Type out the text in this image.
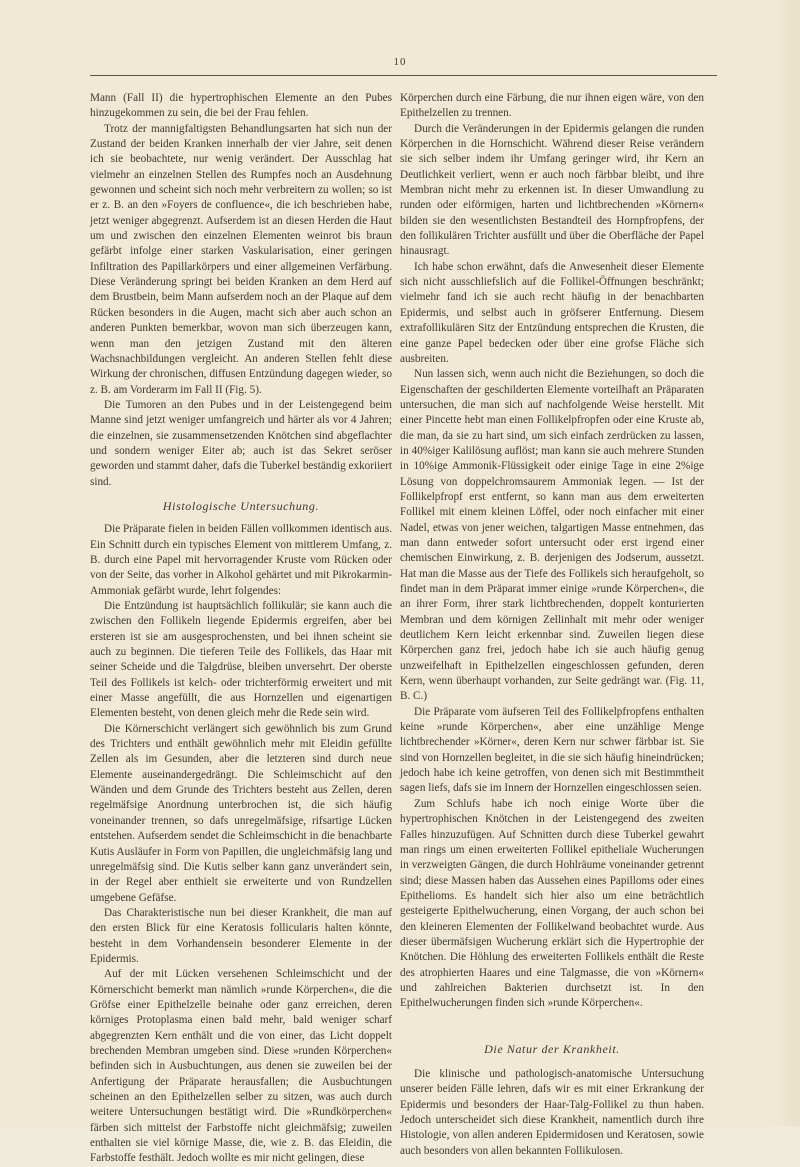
10

Mann (Fall II) die hypertrophischen Elemente an den Pubes hinzugekommen zu sein, die bei der Frau fehlen.

Trotz der mannigfaltigsten Behandlungsarten hat sich nun der Zustand der beiden Kranken innerhalb der vier Jahre, seit denen ich sie beobachtete, nur wenig verändert. Der Ausschlag hat vielmehr an einzelnen Stellen des Rumpfes noch an Ausdehnung gewonnen und scheint sich noch mehr verbreitern zu wollen; so ist er z. B. an den »Foyers de confluence«, die ich beschrieben habe, jetzt weniger abgegrenzt. Aufserdem ist an diesen Herden die Haut um und zwischen den einzelnen Elementen weinrot bis braun gefärbt infolge einer starken Vaskularisation, einer geringen Infiltration des Papillarkörpers und einer allgemeinen Verfärbung. Diese Veränderung springt bei beiden Kranken an dem Herd auf dem Brustbein, beim Mann aufserdem noch an der Plaque auf dem Rücken besonders in die Augen, macht sich aber auch schon an anderen Punkten bemerkbar, wovon man sich überzeugen kann, wenn man den jetzigen Zustand mit den älteren Wachsnachbildungen vergleicht. An anderen Stellen fehlt diese Wirkung der chronischen, diffusen Entzündung dagegen wieder, so z. B. am Vorderarm im Fall II (Fig. 5).

Die Tumoren an den Pubes und in der Leistengegend beim Manne sind jetzt weniger umfangreich und härter als vor 4 Jahren; die einzelnen, sie zusammensetzenden Knötchen sind abgeflachter und sondern weniger Eiter ab; auch ist das Sekret seröser geworden und stammt daher, dafs die Tuberkel beständig exkoriiert sind.

Histologische Untersuchung.

Die Präparate fielen in beiden Fällen vollkommen identisch aus. Ein Schnitt durch ein typisches Element von mittlerem Umfang, z. B. durch eine Papel mit hervorragender Kruste vom Rücken oder von der Seite, das vorher in Alkohol gehärtet und mit Pikrokarmin-Ammoniak gefärbt wurde, lehrt folgendes:

Die Entzündung ist hauptsächlich follikulär; sie kann auch die zwischen den Follikeln liegende Epidermis ergreifen, aber bei ersteren ist sie am ausgesprochensten, und bei ihnen scheint sie auch zu beginnen. Die tieferen Teile des Follikels, das Haar mit seiner Scheide und die Talgdrüse, bleiben unversehrt. Der oberste Teil des Follikels ist kelch- oder trichterförmig erweitert und mit einer Masse angefüllt, die aus Hornzellen und eigenartigen Elementen besteht, von denen gleich mehr die Rede sein wird.

Die Körnerschicht verlängert sich gewöhnlich bis zum Grund des Trichters und enthält gewöhnlich mehr mit Eleidin gefüllte Zellen als im Gesunden, aber die letzteren sind durch neue Elemente auseinandergedrängt. Die Schleimschicht auf den Wänden und dem Grunde des Trichters besteht aus Zellen, deren regelmäfsige Anordnung unterbrochen ist, die sich häufig voneinander trennen, so dafs unregelmäfsige, rifsartige Lücken entstehen. Aufserdem sendet die Schleimschicht in die benachbarte Kutis Ausläufer in Form von Papillen, die ungleichmäfsig lang und unregelmäfsig sind. Die Kutis selber kann ganz unverändert sein, in der Regel aber enthielt sie erweiterte und von Rundzellen umgebene Gefäfse.

Das Charakteristische nun bei dieser Krankheit, die man auf den ersten Blick für eine Keratosis follicularis halten könnte, besteht in dem Vorhandensein besonderer Elemente in der Epidermis.

Auf der mit Lücken versehenen Schleimschicht und der Körnerschicht bemerkt man nämlich »runde Körperchen«, die die Gröfse einer Epithelzelle beinahe oder ganz erreichen, deren körniges Protoplasma einen bald mehr, bald weniger scharf abgegrenzten Kern enthält und die von einer, das Licht doppelt brechenden Membran umgeben sind. Diese »runden Körperchen« befinden sich in Ausbuchtungen, aus denen sie zuweilen bei der Anfertigung der Präparate herausfallen; die Ausbuchtungen scheinen an den Epithelzellen selber zu sitzen, was auch durch weitere Untersuchungen bestätigt wird. Die »Rundkörperchen« färben sich mittelst der Farbstoffe nicht gleichmäfsig; zuweilen enthalten sie viel körnige Masse, die, wie z. B. das Eleidin, die Farbstoffe festhält. Jedoch wollte es mir nicht gelingen, diese

Körperchen durch eine Färbung, die nur ihnen eigen wäre, von den Epithelzellen zu trennen.

Durch die Veränderungen in der Epidermis gelangen die runden Körperchen in die Hornschicht. Während dieser Reise verändern sie sich selber indem ihr Umfang geringer wird, ihr Kern an Deutlichkeit verliert, wenn er auch noch färbbar bleibt, und ihre Membran nicht mehr zu erkennen ist. In dieser Umwandlung zu runden oder eiförmigen, harten und lichtbrechenden »Körnern« bilden sie den wesentlichsten Bestandteil des Hornpfropfens, der den follikulären Trichter ausfüllt und über die Oberfläche der Papel hinausragt.

Ich habe schon erwähnt, dafs die Anwesenheit dieser Elemente sich nicht ausschliefslich auf die Follikel-Öffnungen beschränkt; vielmehr fand ich sie auch recht häufig in der benachbarten Epidermis, und selbst auch in gröfserer Entfernung. Diesem extrafollikulären Sitz der Entzündung entsprechen die Krusten, die eine ganze Papel bedecken oder über eine grofse Fläche sich ausbreiten.

Nun lassen sich, wenn auch nicht die Beziehungen, so doch die Eigenschaften der geschilderten Elemente vorteilhaft an Präparaten untersuchen, die man sich auf nachfolgende Weise herstellt. Mit einer Pincette hebt man einen Follikelpfropfen oder eine Kruste ab, die man, da sie zu hart sind, um sich einfach zerdrücken zu lassen, in 40%iger Kalilösung auflöst; man kann sie auch mehrere Stunden in 10%ige Ammonik-Flüssigkeit oder einige Tage in eine 2%ige Lösung von doppelchromsaurem Ammoniak legen. — Ist der Follikelpfropf erst entfernt, so kann man aus dem erweiterten Follikel mit einem kleinen Löffel, oder noch einfacher mit einer Nadel, etwas von jener weichen, talgartigen Masse entnehmen, das man dann entweder sofort untersucht oder erst irgend einer chemischen Einwirkung, z. B. derjenigen des Jodserum, aussetzt. Hat man die Masse aus der Tiefe des Follikels sich heraufgeholt, so findet man in dem Präparat immer einige »runde Körperchen«, die an ihrer Form, ihrer stark lichtbrechenden, doppelt konturierten Membran und dem körnigen Zellinhalt mit mehr oder weniger deutlichem Kern leicht erkennbar sind. Zuweilen liegen diese Körperchen ganz frei, jedoch habe ich sie auch häufig genug unzweifelhaft in Epithelzellen eingeschlossen gefunden, deren Kern, wenn überhaupt vorhanden, zur Seite gedrängt war. (Fig. 11, B. C.)

Die Präparate vom äufseren Teil des Follikelpfropfens enthalten keine »runde Körperchen«, aber eine unzählige Menge lichtbrechender »Körner«, deren Kern nur schwer färbbar ist. Sie sind von Hornzellen begleitet, in die sie sich häufig hineindrücken; jedoch habe ich keine getroffen, von denen sich mit Bestimmtheit sagen liefs, dafs sie im Innern der Hornzellen eingeschlossen seien.

Zum Schlufs habe ich noch einige Worte über die hypertrophischen Knötchen in der Leistengegend des zweiten Falles hinzuzufügen. Auf Schnitten durch diese Tuberkel gewahrt man rings um einen erweiterten Follikel epitheliale Wucherungen in verzweigten Gängen, die durch Hohlräume voneinander getrennt sind; diese Massen haben das Aussehen eines Papilloms oder eines Epithelioms. Es handelt sich hier also um eine beträchtlich gesteigerte Epithelwucherung, einen Vorgang, der auch schon bei den kleineren Elementen der Follikelwand beobachtet wurde. Aus dieser übermäfsigen Wucherung erklärt sich die Hypertrophie der Knötchen. Die Höhlung des erweiterten Follikels enthält die Reste des atrophierten Haares und eine Talgmasse, die von »Körnern« und zahlreichen Bakterien durchsetzt ist. In den Epithelwucherungen finden sich »runde Körperchen«.

Die Natur der Krankheit.

Die klinische und pathologisch-anatomische Untersuchung unserer beiden Fälle lehren, dafs wir es mit einer Erkrankung der Epidermis und besonders der Haar-Talg-Follikel zu thun haben. Jedoch unterscheidet sich diese Krankheit, namentlich durch ihre Histologie, von allen anderen Epidermidosen und Keratosen, sowie auch besonders von allen bekannten Follikulosen.
